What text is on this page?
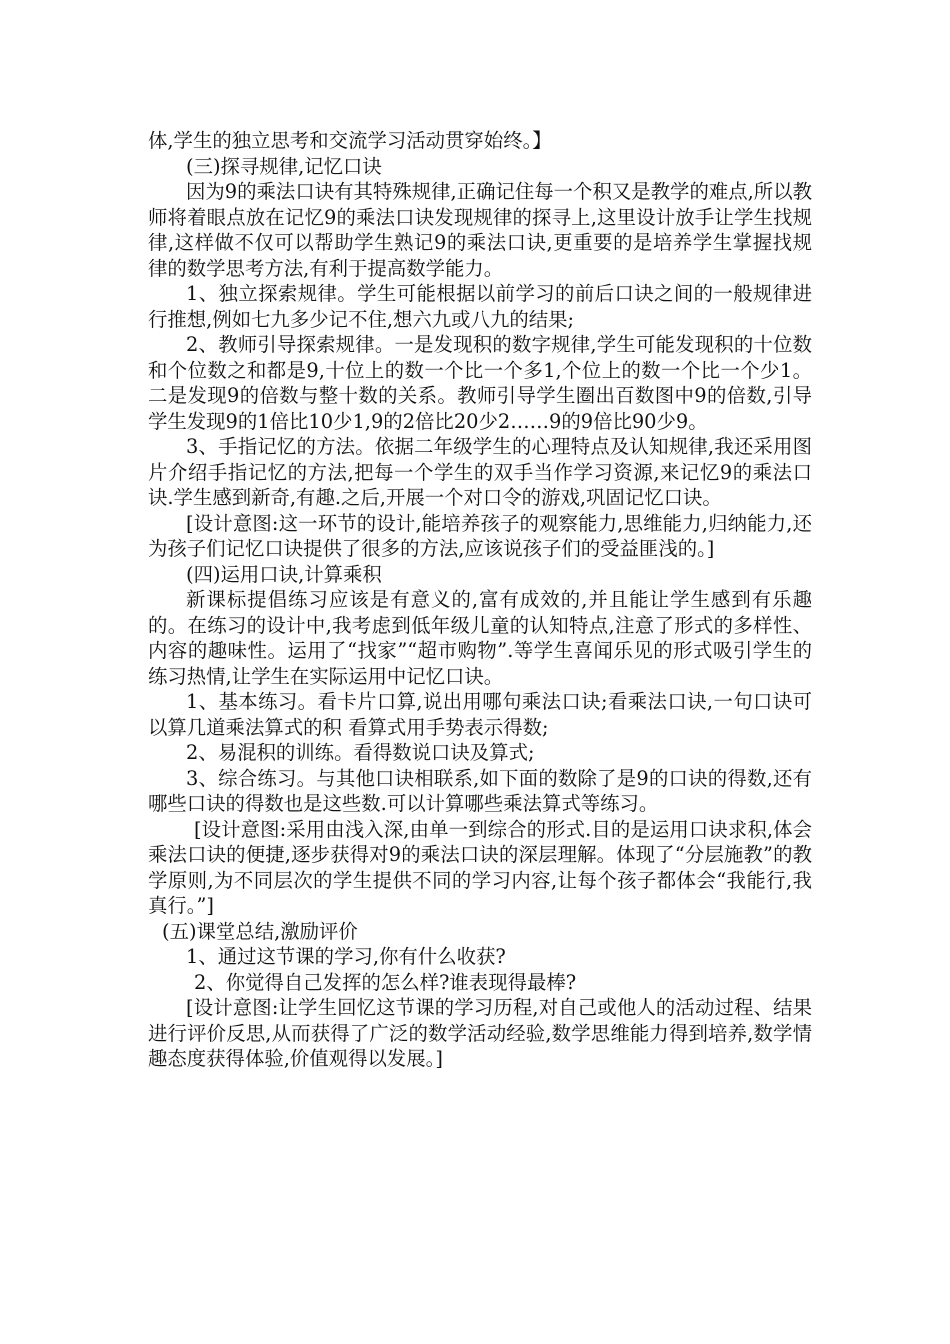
体,学生的独立思考和交流学习活动贯穿始终。】

(三)探寻规律,记忆口诀

因为9的乘法口诀有其特殊规律,正确记住每一个积又是教学的难点,所以教师将着眼点放在记忆9的乘法口诀发现规律的探寻上,这里设计放手让学生找规律,这样做不仅可以帮助学生熟记9的乘法口诀,更重要的是培养学生掌握找规律的数学思考方法,有利于提高数学能力。

1、独立探索规律。学生可能根据以前学习的前后口诀之间的一般规律进行推想,例如七九多少记不住,想六九或八九的结果;

2、教师引导探索规律。一是发现积的数字规律,学生可能发现积的十位数和个位数之和都是9,十位上的数一个比一个多1,个位上的数一个比一个少1。二是发现9的倍数与整十数的关系。教师引导学生圈出百数图中9的倍数,引导学生发现9的1倍比10少1,9的2倍比20少2……9的9倍比90少9。

3、手指记忆的方法。依据二年级学生的心理特点及认知规律,我还采用图片介绍手指记忆的方法,把每一个学生的双手当作学习资源,来记忆9的乘法口诀.学生感到新奇,有趣.之后,开展一个对口令的游戏,巩固记忆口诀。

[设计意图:这一环节的设计,能培养孩子的观察能力,思维能力,归纳能力,还为孩子们记忆口诀提供了很多的方法,应该说孩子们的受益匪浅的。]

(四)运用口诀,计算乘积

新课标提倡练习应该是有意义的,富有成效的,并且能让学生感到有乐趣的。在练习的设计中,我考虑到低年级儿童的认知特点,注意了形式的多样性、内容的趣味性。运用了“找家”“超市购物”.等学生喜闻乐见的形式吸引学生的练习热情,让学生在实际运用中记忆口诀。

1、基本练习。看卡片口算,说出用哪句乘法口诀;看乘法口诀,一句口诀可以算几道乘法算式的积 看算式用手势表示得数;

2、易混积的训练。看得数说口诀及算式;

3、综合练习。与其他口诀相联系,如下面的数除了是9的口诀的得数,还有哪些口诀的得数也是这些数.可以计算哪些乘法算式等练习。

[设计意图:采用由浅入深,由单一到综合的形式.目的是运用口诀求积,体会乘法口诀的便捷,逐步获得对9的乘法口诀的深层理解。体现了“分层施教”的教学原则,为不同层次的学生提供不同的学习内容,让每个孩子都体会“我能行,我真行。”]

(五)课堂总结,激励评价

1、通过这节课的学习,你有什么收获?

2、你觉得自己发挥的怎么样?谁表现得最棒?

[设计意图:让学生回忆这节课的学习历程,对自己或他人的活动过程、结果进行评价反思,从而获得了广泛的数学活动经验,数学思维能力得到培养,数学情趣态度获得体验,价值观得以发展。]
